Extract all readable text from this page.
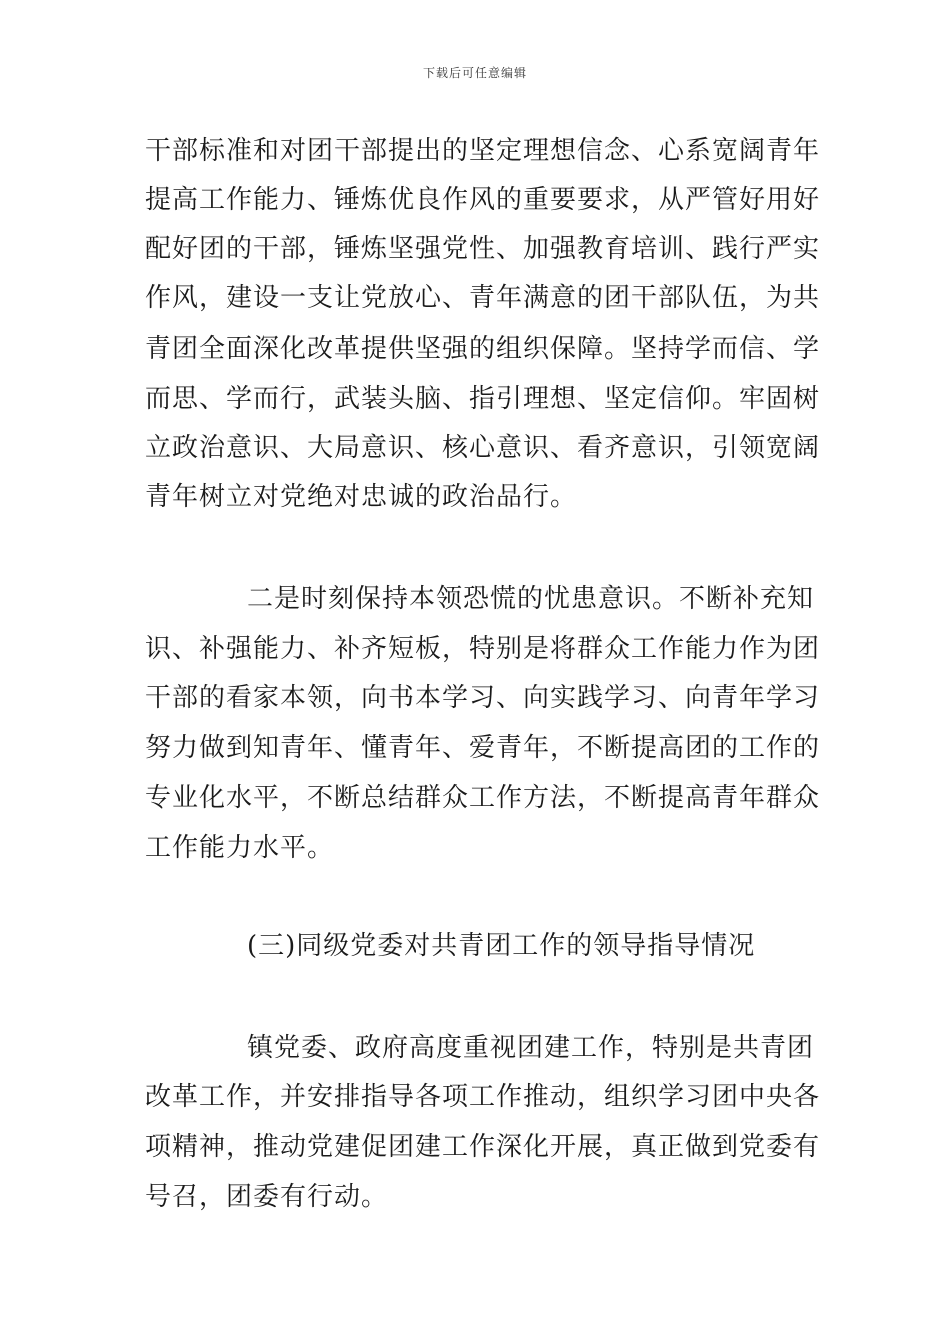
下载后可任意编辑
干部标准和对团干部提出的坚定理想信念、心系宽阔青年
提高工作能力、锤炼优良作风的重要要求，从严管好用好
配好团的干部，锤炼坚强党性、加强教育培训、践行严实
作风，建设一支让党放心、青年满意的团干部队伍，为共
青团全面深化改革提供坚强的组织保障。坚持学而信、学
而思、学而行，武装头脑、指引理想、坚定信仰。牢固树
立政治意识、大局意识、核心意识、看齐意识，引领宽阔
青年树立对党绝对忠诚的政治品行。
二是时刻保持本领恐慌的忧患意识。不断补充知
识、补强能力、补齐短板，特别是将群众工作能力作为团
干部的看家本领，向书本学习、向实践学习、向青年学习
努力做到知青年、懂青年、爱青年，不断提高团的工作的
专业化水平，不断总结群众工作方法，不断提高青年群众
工作能力水平。
(三)同级党委对共青团工作的领导指导情况
镇党委、政府高度重视团建工作，特别是共青团
改革工作，并安排指导各项工作推动，组织学习团中央各
项精神，推动党建促团建工作深化开展，真正做到党委有
号召，团委有行动。
